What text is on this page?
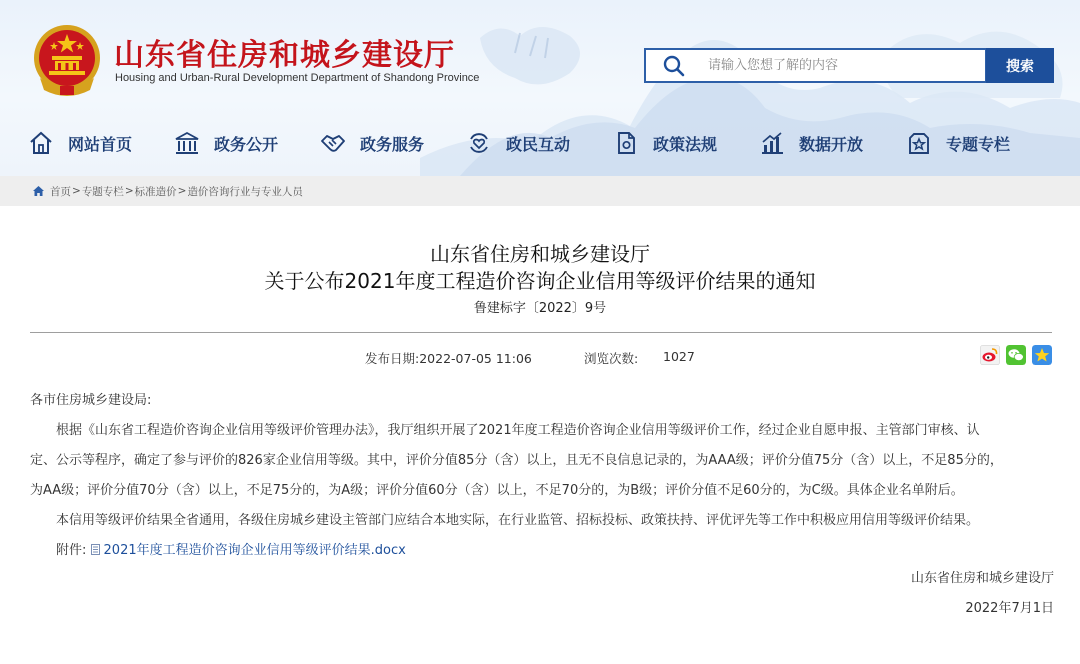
山东省住房和城乡建设厅
Housing and Urban-Rural Development Department of Shandong Province
请输入您想了解的内容
搜索
网站首页	政务公开	政务服务	政民互动	政策法规	数据开放	专题专栏
首页 > 专题专栏 > 标准造价 > 造价咨询行业与专业人员
山东省住房和城乡建设厅
关于公布2021年度工程造价咨询企业信用等级评价结果的通知
鲁建标字〔2022〕9号
发布日期:2022-07-05 11:06	浏览次数: 1027
各市住房城乡建设局:
根据《山东省工程造价咨询企业信用等级评价管理办法》，我厅组织开展了2021年度工程造价咨询企业信用等级评价工作，经过企业自愿申报、主管部门审核、认
定、公示等程序，确定了参与评价的826家企业信用等级。其中，评价分值85分（含）以上，且无不良信息记录的，为AAA级；评价分值75分（含）以上，不足85分的，
为AA级；评价分值70分（含）以上，不足75分的，为A级；评价分值60分（含）以上，不足70分的，为B级；评价分值不足60分的，为C级。具体企业名单附后。
本信用等级评价结果全省通用，各级住房城乡建设主管部门应结合本地实际，在行业监管、招标投标、政策扶持、评优评先等工作中积极应用信用等级评价结果。
附件: 2021年度工程造价咨询企业信用等级评价结果.docx
山东省住房和城乡建设厅
2022年7月1日
